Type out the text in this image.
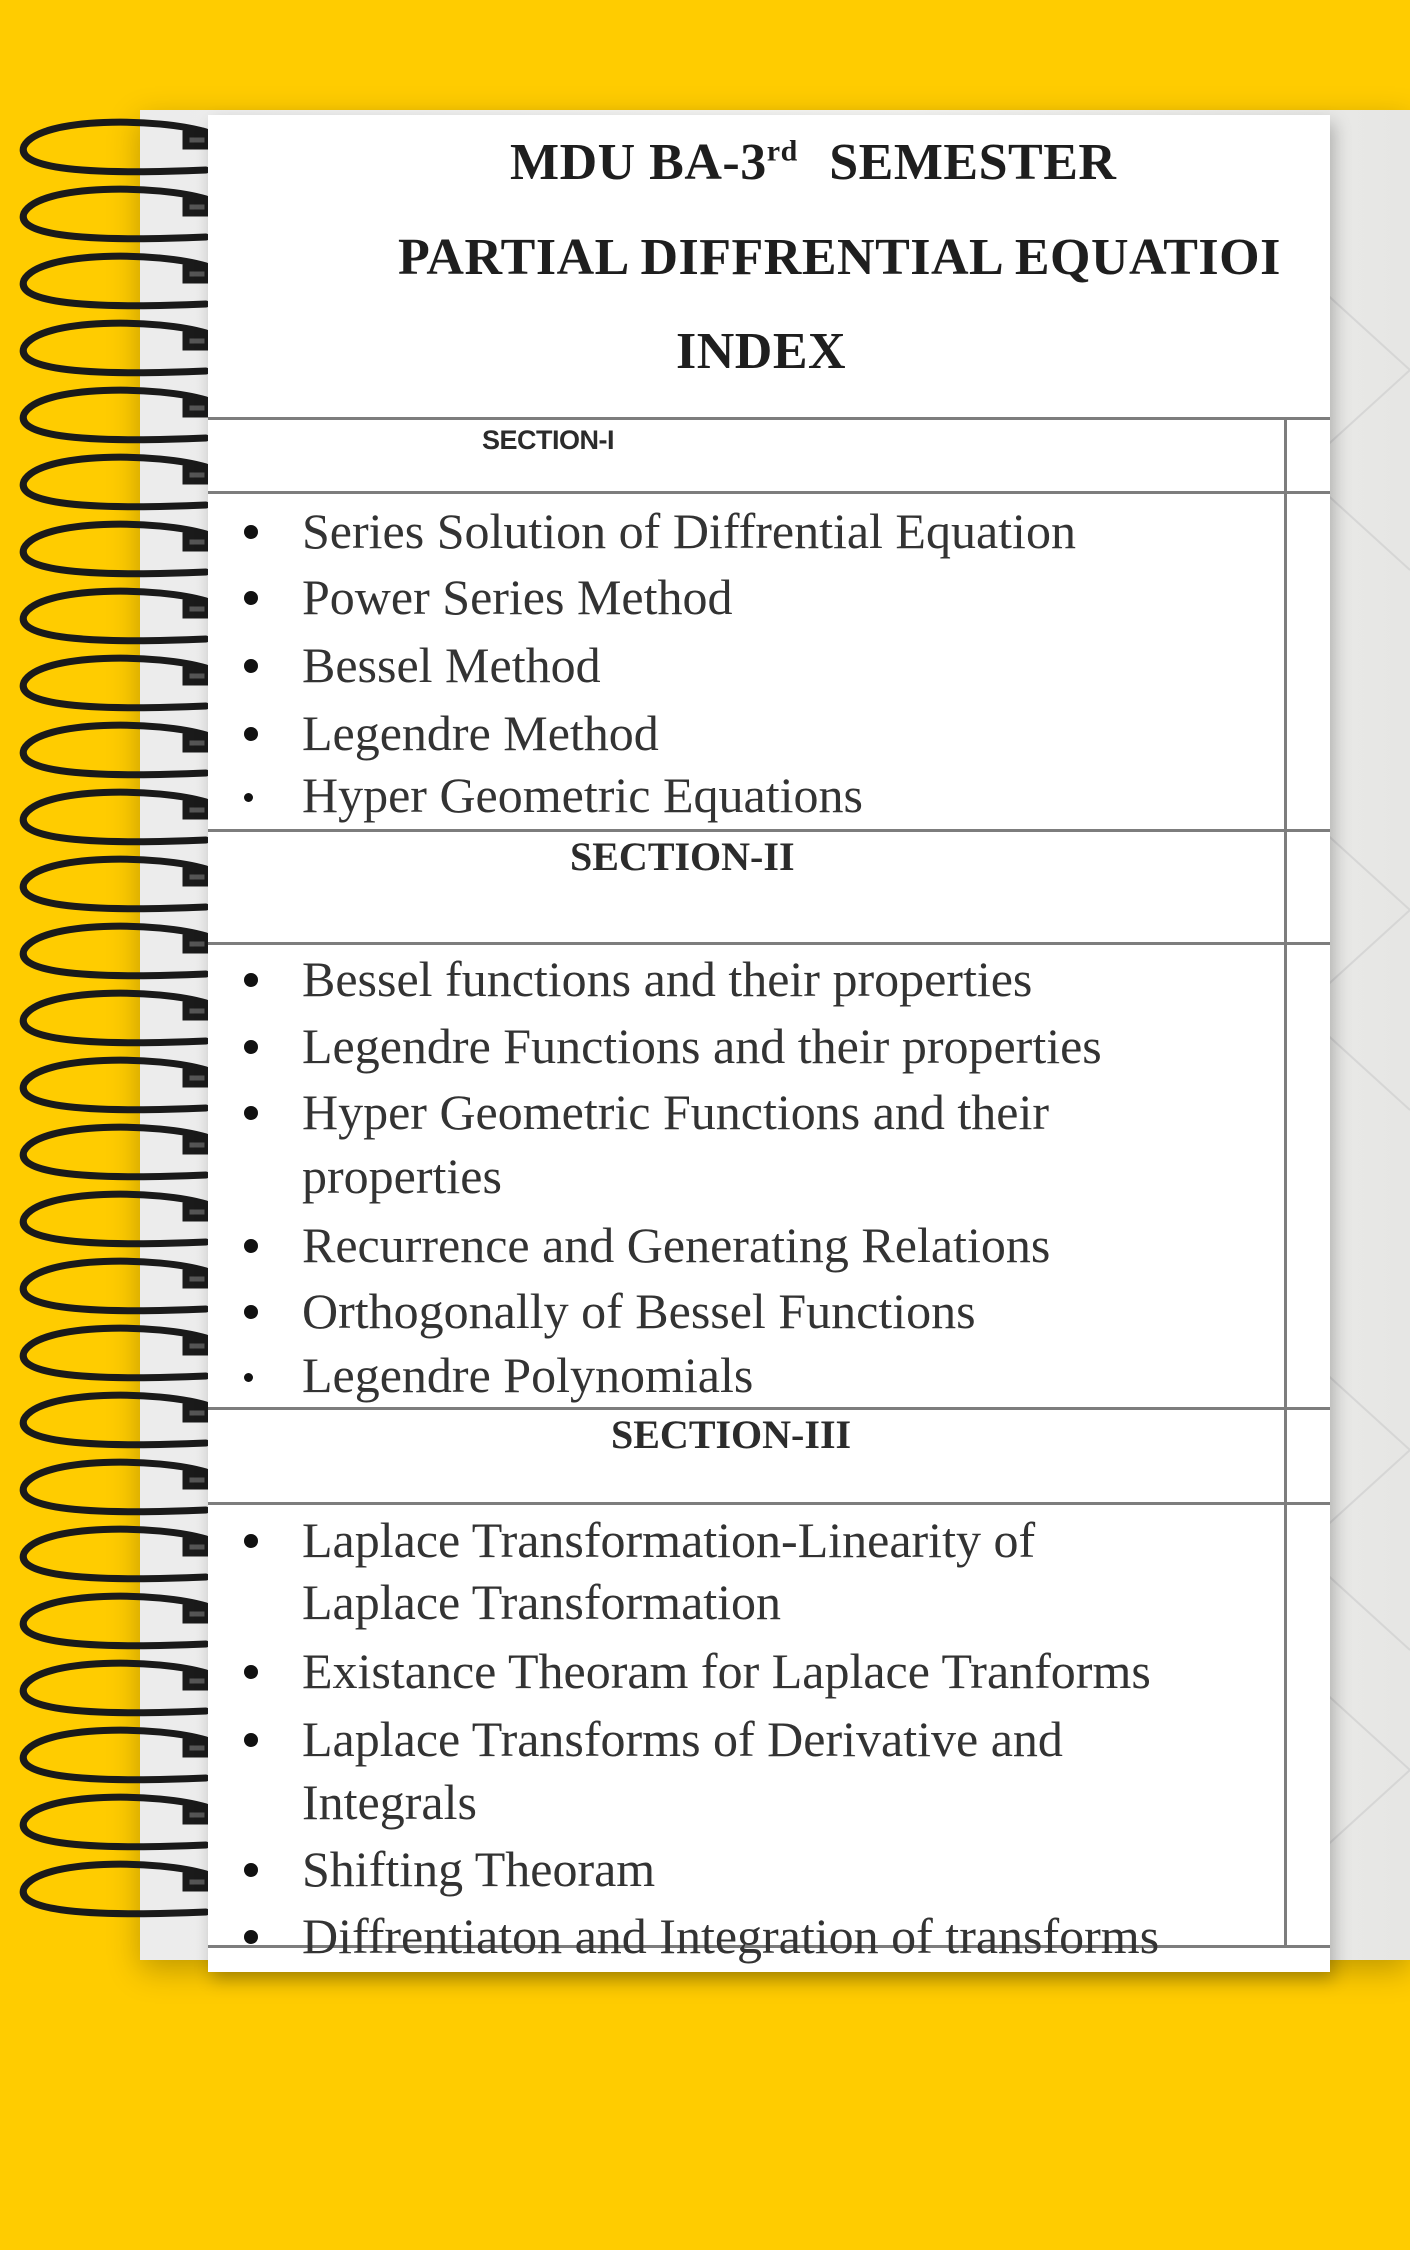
MDU BA-3rd SEMESTER
PARTIAL DIFFRENTIAL EQUATIOI
INDEX
SECTION-I
SECTION-II
SECTION-III
Series Solution of Diffrential Equation
Power Series Method
Bessel Method
Legendre Method
Hyper Geometric Equations
Bessel functions and their properties
Legendre Functions and their properties
Hyper Geometric Functions and their
properties
Recurrence and Generating Relations
Orthogonally of Bessel Functions
Legendre Polynomials
Laplace Transformation-Linearity of
Laplace Transformation
Existance Theoram for Laplace Tranforms
Laplace Transforms of Derivative and
Integrals
Shifting Theoram
Diffrentiaton and Integration of transforms
